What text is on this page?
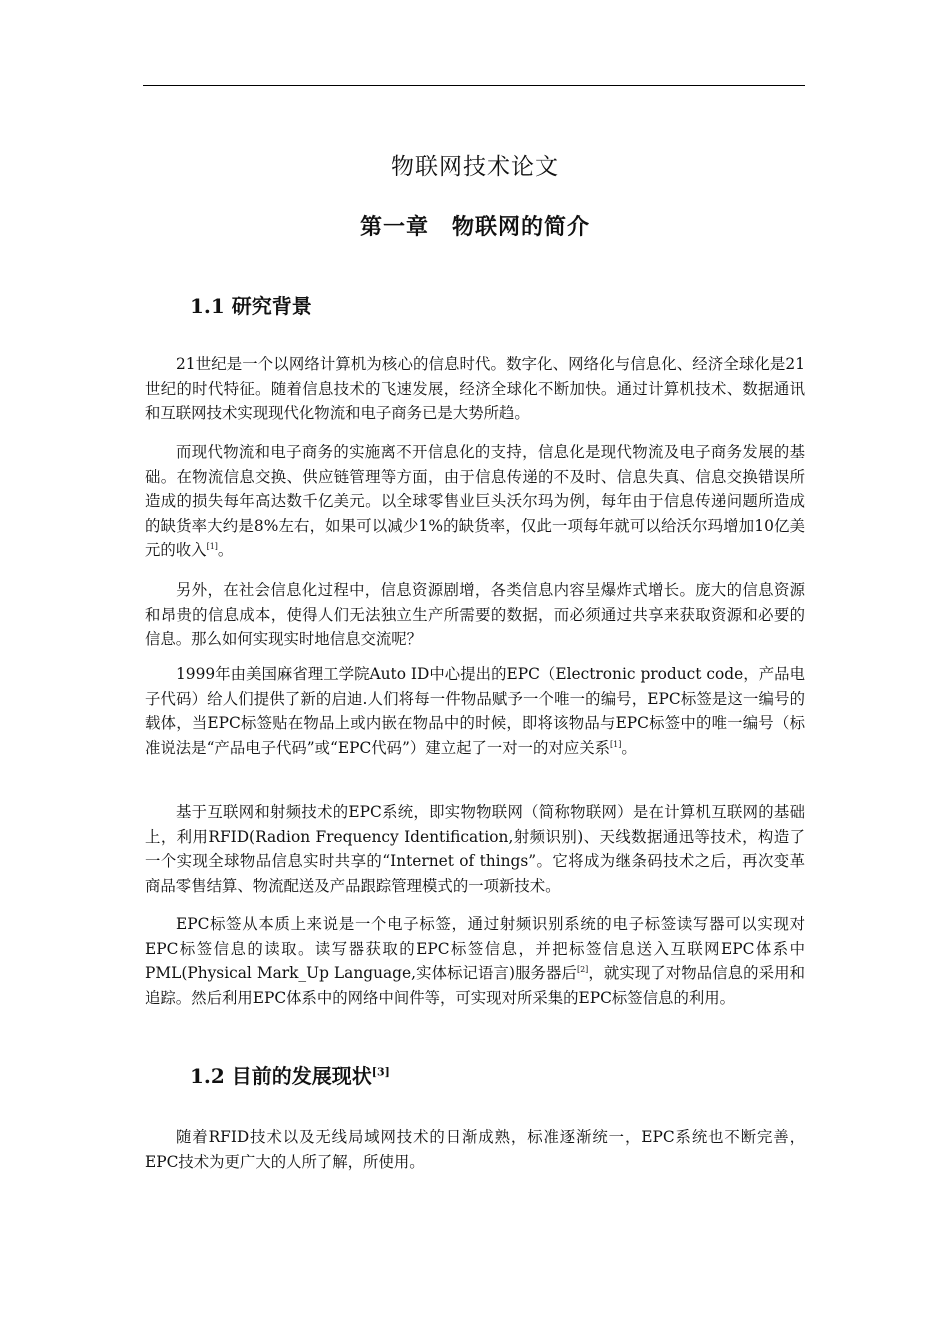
物联网技术论文
第一章　物联网的简介
1.1 研究背景

21世纪是一个以网络计算机为核心的信息时代。数字化、网络化与信息化、经济全球化是21世纪的时代特征。随着信息技术的飞速发展，经济全球化不断加快。通过计算机技术、数据通讯和互联网技术实现现代化物流和电子商务已是大势所趋。

而现代物流和电子商务的实施离不开信息化的支持，信息化是现代物流及电子商务发展的基础。在物流信息交换、供应链管理等方面，由于信息传递的不及时、信息失真、信息交换错误所造成的损失每年高达数千亿美元。以全球零售业巨头沃尔玛为例，每年由于信息传递问题所造成的缺货率大约是8%左右，如果可以减少1%的缺货率，仅此一项每年就可以给沃尔玛增加10亿美元的收入[1]。

另外，在社会信息化过程中，信息资源剧增，各类信息内容呈爆炸式增长。庞大的信息资源和昂贵的信息成本，使得人们无法独立生产所需要的数据，而必须通过共享来获取资源和必要的信息。那么如何实现实时地信息交流呢？

1999年由美国麻省理工学院Auto ID中心提出的EPC（Electronic product code，产品电子代码）给人们提供了新的启迪.人们将每一件物品赋予一个唯一的编号，EPC标签是这一编号的载体，当EPC标签贴在物品上或内嵌在物品中的时候，即将该物品与EPC标签中的唯一编号（标准说法是“产品电子代码”或“EPC代码”）建立起了一对一的对应关系[1]。

基于互联网和射频技术的EPC系统，即实物物联网（简称物联网）是在计算机互联网的基础上，利用RFID(Radion Frequency Identification,射频识别)、天线数据通迅等技术，构造了一个实现全球物品信息实时共享的“Internet of things”。它将成为继条码技术之后，再次变革商品零售结算、物流配送及产品跟踪管理模式的一项新技术。

EPC标签从本质上来说是一个电子标签，通过射频识别系统的电子标签读写器可以实现对EPC标签信息的读取。读写器获取的EPC标签信息，并把标签信息送入互联网EPC体系中PML(Physical Mark_Up Language,实体标记语言)服务器后[2]，就实现了对物品信息的采用和追踪。然后利用EPC体系中的网络中间件等，可实现对所采集的EPC标签信息的利用。

1.2 目前的发展现状[3]

随着RFID技术以及无线局域网技术的日渐成熟，标准逐渐统一，EPC系统也不断完善，EPC技术为更广大的人所了解，所使用。
